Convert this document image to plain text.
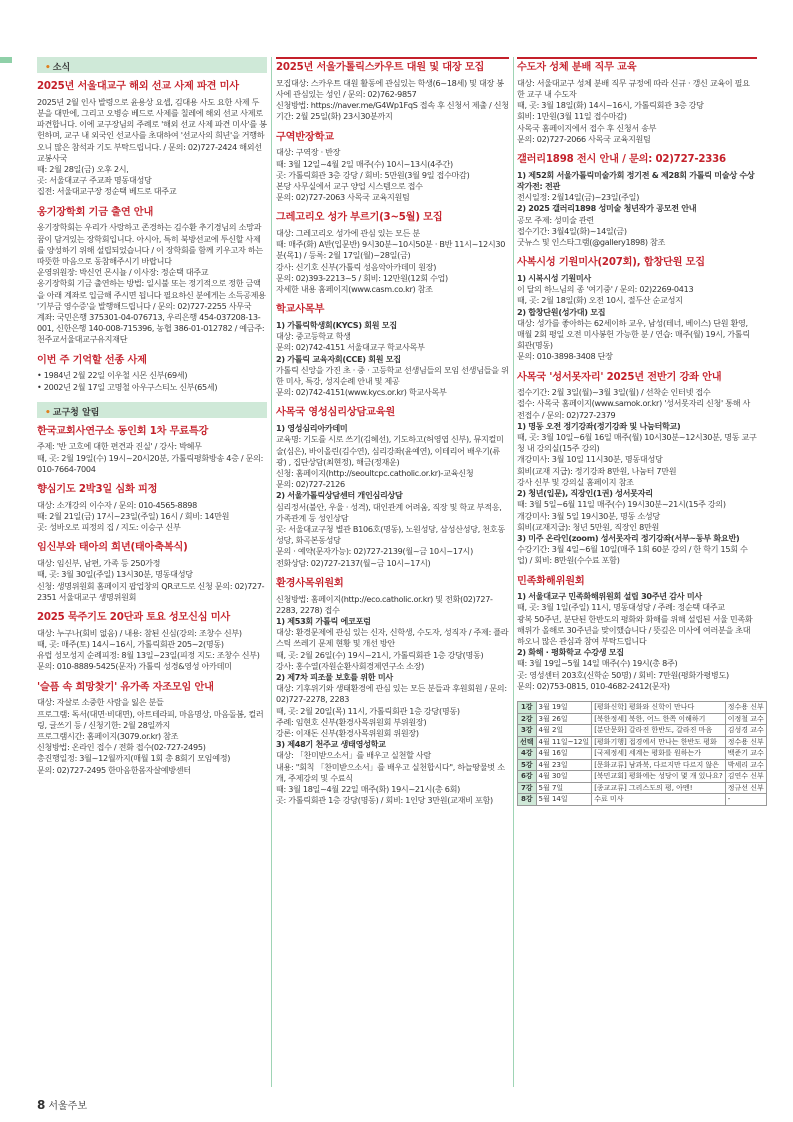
• 소식
2025년 서울대교구 해외 선교 사제 파견 미사

2025년 2월 인사 발령으로 윤용상 요셉, 김대용 사도 요한 사제 두 분을 대만에, 그리고 오병승 베드로 사제를 칠레에 해외 선교 사제로 파견합니다. 이에 교구장님의 주례로 '해외 선교 사제 파견 미사'를 봉헌하며, 교구 내 외국인 선교사를 초대하여 '선교사의 희년'을 거행하오니 많은 참석과 기도 부탁드립니다. / 문의: 02)727-2424 해외선교봉사국

때: 2월 28일(금) 오후 2시,

곳: 서울대교구 주교좌 명동대성당

집전: 서울대교구장 정순택 베드로 대주교

옹기장학회 기금 출연 안내

옹기장학회는 우리가 사랑하고 존경하는 김수환 추기경님의 소망과 꿈이 담겨있는 장학회입니다. 아시아, 특히 북방선교에 투신할 사제를 양성하기 위해 설립되었습니다 / 이 장학회를 함께 키우고자 하는 따뜻한 마음으로 동참해주시기 바랍니다

운영위원장: 박신언 몬시뇰 / 이사장: 정순택 대주교

옹기장학회 기금 출연하는 방법: 일시불 또는 정기적으로 정한 금액을 아래 계좌로 입금해 주시면 됩니다 필요하신 분에게는 소득공제용 '기부금 영수증'을 발행해드립니다 / 문의: 02)727-2255 사무국

계좌: 국민은행 375301-04-076713, 우리은행 454-037208-13-001, 신한은행 140-008-715396, 농협 386-01-012782 / 예금주: 천주교서울대교구유지재단

이번 주 기억할 선종 사제

• 1984년 2월 22일 이우철 시몬 신부(69세)

• 2002년 2월 17일 고명철 아우구스티노 신부(65세)

• 교구청 알림
한국교회사연구소 동인회 1차 무료특강

주제: '반 고흐에 대한 편견과 진실' / 강사: 박혜무

때, 곳: 2월 19일(수) 19시~20시20분, 가톨릭평화방송 4층 / 문의: 010-7664-7004

향심기도 2박3일 심화 피정

대상: 소개강의 이수자 / 문의: 010-4565-8898

때: 2월 21일(금) 17시~23일(주일) 16시 / 회비: 14만원

곳: 성바오로 피정의 집 / 지도: 이승구 신부

임신부와 태아의 희년(태아축복식)

대상: 임신부, 남편, 가족 등 250가정

때, 곳: 3월 30일(주일) 13시30분, 명동대성당

신청: 생명위원회 홈페이지 팝업창의 QR코드로 신청 문의: 02)727-2351 서울대교구 생명위원회

2025 묵주기도 20단과 토요 성모신심 미사

대상: 누구나(회비 없음) / 내용: 참된 신심(강의: 조창수 신부)

때, 곳: 매주(토) 14시~16시, 가톨릭회관 205~2(명동)

유럽 성모성지 순례피정: 8월 13일~23일(피정 지도: 조창수 신부)

문의: 010-8889-5425(문자) 가톨릭 성경&영성 아카데미

'슬픔 속 희망찾기' 유가족 자조모임 안내

대상: 자살로 소중한 사람을 잃은 분들

프로그램: 독서(대면·비대면), 아트테라피, 마음명상, 마음돌봄, 컬러링, 글쓰기 등 / 신청기한: 2월 28일까지

프로그램시간: 홈페이지(3079.or.kr) 참조

신청방법: 온라인 접수 / 전화 접수(02-727-2495)

총진행일정: 3월~12월까지(매월 1회 총 8회기 모임예정)

문의: 02)727-2495 한마음한몸자살예방센터

2025년 서울가톨릭스카우트 대원 및 대장 모집

모집대상: 스카우트 대원 활동에 관심있는 학생(6~18세) 및 대장 봉사에 관심있는 성인 / 문의: 02)762-9857

신청방법: https://naver.me/G4Wp1FqS 접속 후 신청서 제출 / 신청기간: 2월 25일(화) 23시30분까지

구역반장학교

대상: 구역장 · 반장

때: 3월 12일~4월 2일 매주(수) 10시~13시(4주간)

곳: 가톨릭회관 3층 강당 / 회비: 5만원(3월 9일 접수마감)

본당 사무실에서 교구 양업 시스템으로 접수

문의: 02)727-2063 사목국 교육지원팀

그레고리오 성가 부르기(3~5월) 모집

대상: 그레고리오 성가에 관심 있는 모든 분

때: 매주(화) A반(입문반) 9시30분~10시50분 · B반 11시~12시30분(목1) / 등록: 2월 17일(월)~28일(금)

강사: 신기호 신부(가톨릭 성음악아카데미 원장)

문의: 02)393-2213~5 / 회비: 12만원(12회 수업)

자세한 내용 홈페이지(www.casm.co.kr) 참조

학교사목부

1) 가톨릭학생회(KYCS) 회원 모집

대상: 중고등학교 학생

문의: 02)742-4151 서울대교구 학교사목부

2) 가톨릭 교육자회(CCE) 회원 모집

가톨릭 신앙을 가진 초 · 중 · 고등학교 선생님들의 모임 선생님들을 위한 미사, 특강, 성지순례 안내 및 제공

문의: 02)742-4151(www.kycs.or.kr) 학교사목부

사목국 영성심리상담교육원

1) 영성심리아카데미

교육명: 기도를 시로 쓰기(김혜선), 기도하고(허영엽 신부), 뮤지컬미술(심은), 바이올린(김수연), 심리강좌(윤예연), 이테리어 배우기(류광) , 집단상담(최현정), 해금(정재운)

신청: 홈페이지(http://seoultcpc.catholic.or.kr)-교육신청

문의: 02)727-2126

2) 서울가톨릭상담센터 개인심리상담

심리정서(불안, 우울 · 성격), 대인관계 어려움, 직장 및 학교 부적응, 가족관계 등 성인상담

곳: 서울대교구청 별관 B106호(명동), 노원성당, 삼성산성당, 천호동성당, 화곡본동성당

문의 · 예약(문자가능): 02)727-2139(월~금 10시~17시)

전화상담: 02)727-2137(월~금 10시~17시)

환경사목위원회

신청방법: 홈페이지(http://eco.catholic.or.kr) 및 전화(02)727-2283, 2278) 접수

1) 제53회 가톨릭 에코포럼

대상: 환경문제에 관심 있는 신자, 신학생, 수도자, 성직자 / 주제: 플라스틱 쓰레기 문제 현황 및 개선 방안

때, 곳: 2월 26일(수) 19시~21시, 가톨릭회관 1층 강당(명동)

강사: 홍수열(자원순환사회경제연구소 소장)

2) 제7차 피조물 보호를 위한 미사

대상: 기후위기와 생태환경에 관심 있는 모든 분들과 후원회원 / 문의: 02)727-2278, 2283

때, 곳: 2월 20일(목) 11시, 가톨릭회관 1층 강당(명동)

주례: 임현호 신부(환경사목위원회 부위원장)

강론: 이재돈 신부(환경사목위원회 위원장)

3) 제48기 천주교 생태영성학교

대상: 「찬미받으소서」를 배우고 실천할 사람

내용: "회칙 「찬미받으소서」를 배우고 실천합시다", 하늘땅물벗 소개, 주제강의 및 수료식

때: 3월 18일~4월 22일 매주(화) 19시~21시(총 6회)

곳: 가톨릭회관 1층 강당(명동) / 회비: 1인당 3만원(교재비 포함)

수도자 성체 분배 직무 교육

대상: 서울대교구 성체 분배 직무 규정에 따라 신규 · 갱신 교육이 필요한 교구 내 수도자

때, 곳: 3월 18일(화) 14시~16시, 가톨릭회관 3층 강당

회비: 1만원(3월 11일 접수마감)

사목국 홈페이지에서 접수 후 신청서 송부

문의: 02)727-2066 사목국 교육지원팀

갤러리1898 전시 안내 / 문의: 02)727-2336

1) 제52회 서울가톨릭미술가회 정기전 & 제28회 가톨릭 미술상 수상작가전: 전관

전시일정: 2월14일(금)~23일(주일)

2) 2025 갤러리1898 성미술 청년작가 공모전 안내

공모 주제: 성미술 관련

접수기간: 3월4일(화)~14일(금)

굿뉴스 및 인스타그램(@gallery1898) 참조

사복시성 기원미사(207회), 합창단원 모집

1) 시복시성 기원미사

이 달의 하느님의 종 '여기중' / 문의: 02)2269-0413

때, 곳: 2월 18일(화) 오전 10시, 절두산 순교성지

2) 합창단원(성가대) 모집

대상: 성가를 좋아하는 62세이하 교우, 남성(테너, 베이스) 단원 환영, 매월 2회 평일 오전 미사봉헌 가능한 분 / 연습: 매주(월) 19시, 가톨릭회관(명동)

문의: 010-3898-3408 단장

사목국 '성서못자리' 2025년 전반기 강좌 안내

접수기간: 2월 3일(월)~3월 3일(월) / 선착순 인터넷 접수

접수: 사목국 홈페이지(www.samok.or.kr) '성서못자리 신청' 통해 사전접수 / 문의: 02)727-2379

1) 명동 오전 정기강좌(정기강좌 및 나눔터학교)

때, 곳: 3월 10일~6월 16일 매주(월) 10시30분~12시30분, 명동 교구청 내 강의실(15주 강의)

개강미사: 3월 10일 11시30분, 명동대성당

회비(교재 지급): 정기강좌 8만원, 나눔터 7만원

강사 신부 및 강의실 홈페이지 참조

2) 청년(입문), 직장인(1권) 성서못자리

때: 3월 5일~6월 11일 매주(수) 19시30분~21시(15주 강의)

개강미사: 3월 5일 19시30분, 명동 소성당

회비(교재지급): 청년 5만원, 직장인 8만원

3) 미주 온라인(zoom) 성서못자리 정기강좌(서부~동부 화요반)

수강기간: 3월 4일~6월 10일(매주 1회 60분 강의 / 한 학기 15회 수업) / 회비: 8만원(수수료 포함)

민족화해위원회

1) 서울대교구 민족화해위원회 설립 30주년 감사 미사

때, 곳: 3월 1일(주일) 11시, 명동대성당 / 주례: 정순택 대주교

광복 50주년, 분단된 한반도의 평화와 화해를 위해 설립된 서울 민족화해위가 올해로 30주년을 맞이했습니다 / 뜻깊은 미사에 여러분을 초대하오니 많은 관심과 참여 부탁드립니다

2) 화해 · 평화학교 수강생 모집

때: 3월 19일~5월 14일 매주(수) 19시(총 8주)

곳: 영성센터 203호(신학순 50명) / 회비: 7만원(평화가평병도)

문의: 02)753-0815, 010-4682-2412(문자)

1강	3월 19일	[평화신학] 평화와 신학이 만나다	정수용 신부
2강	3월 26일	[북한정세] 북한, 어느 한쪽 이해하기	이정철 교수
3강	4월 2일	[분단문화] 갈라진 한반도, 갈라진 마음	김성경 교수
선택	4월 11일~12일	[평화기행] 접경에서 만나는 한반도 평화	정수용 신부
4강	4월 16일	[국제정세] 세계는 평화를 원하는가	백준기 교수
5강	4월 23일	[문화교류] 남과북, 다르지만 다르지 않은	박세리 교수
6강	4월 30일	[북민교회] 평화에는 성당이 몇 개 있나요?	김연수 신부
7강	5월 7일	[종교교류] 그리스도의 평, 아멘!	정규선 신부
8강	5월 14일	수료 미사	-
8 서울주보
